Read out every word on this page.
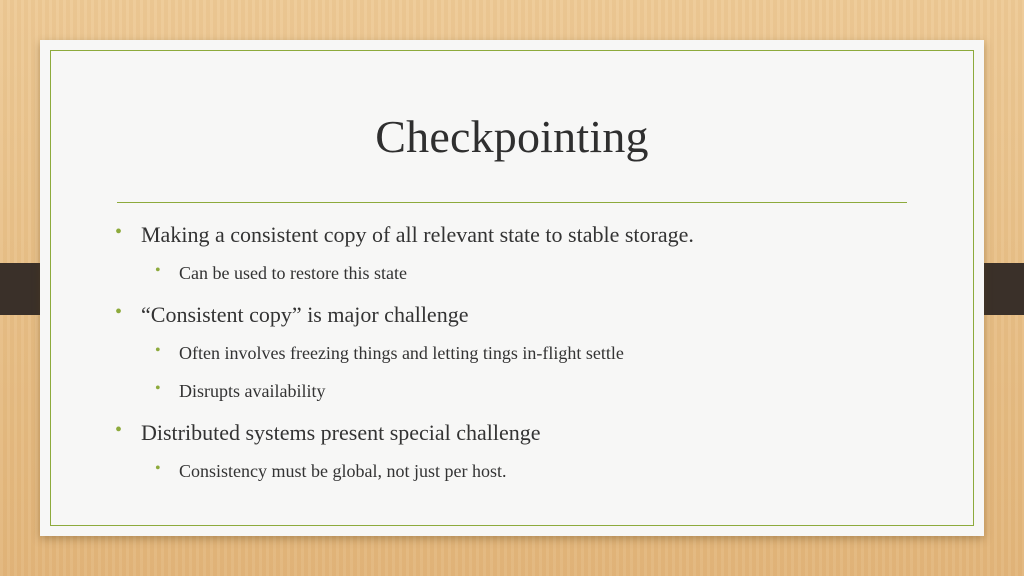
Checkpointing
• Making a consistent copy of all relevant state to stable storage.
• Can be used to restore this state
• “Consistent copy” is major challenge
• Often involves freezing things and letting tings in-flight settle
• Disrupts availability
• Distributed systems present special challenge
• Consistency must be global, not just per host.
